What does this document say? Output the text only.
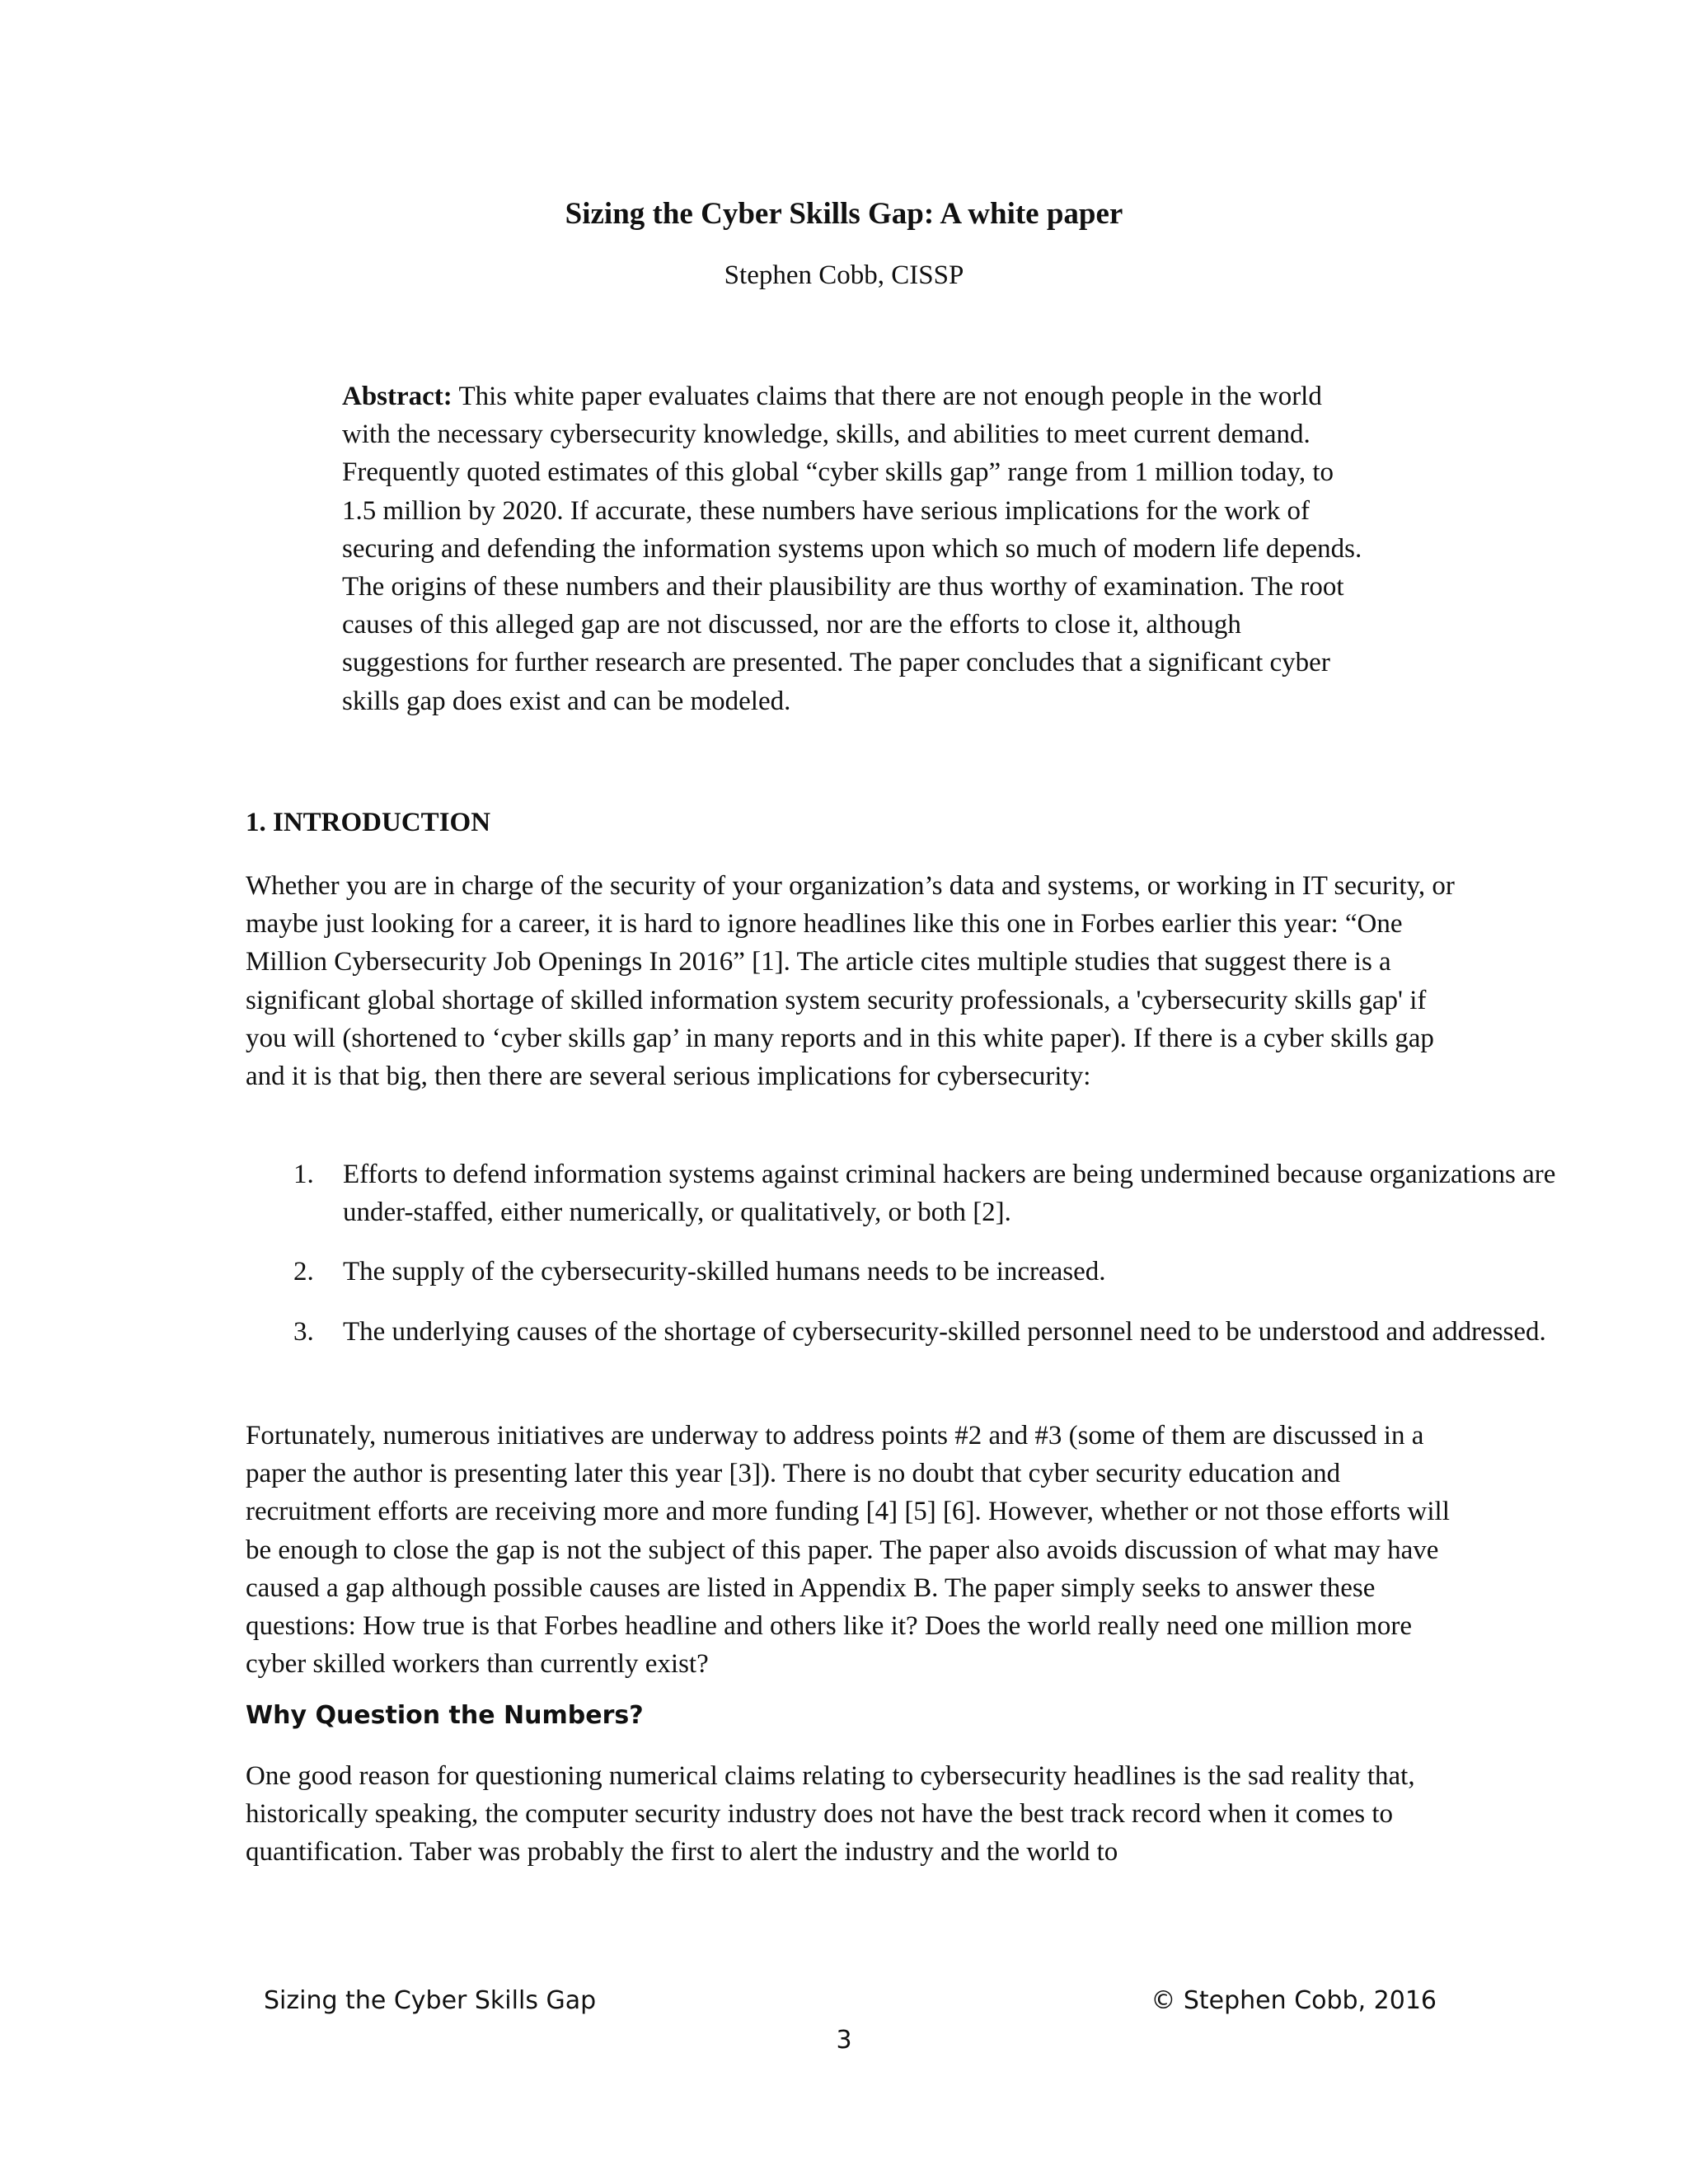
Sizing the Cyber Skills Gap: A white paper
Stephen Cobb, CISSP
Abstract: This white paper evaluates claims that there are not enough people in the world with the necessary cybersecurity knowledge, skills, and abilities to meet current demand. Frequently quoted estimates of this global “cyber skills gap” range from 1 million today, to 1.5 million by 2020. If accurate, these numbers have serious implications for the work of securing and defending the information systems upon which so much of modern life depends. The origins of these numbers and their plausibility are thus worthy of examination. The root causes of this alleged gap are not discussed, nor are the efforts to close it, although suggestions for further research are presented. The paper concludes that a significant cyber skills gap does exist and can be modeled.
1. INTRODUCTION
Whether you are in charge of the security of your organization’s data and systems, or working in IT security, or maybe just looking for a career, it is hard to ignore headlines like this one in Forbes earlier this year: “One Million Cybersecurity Job Openings In 2016” [1]. The article cites multiple studies that suggest there is a significant global shortage of skilled information system security professionals, a 'cybersecurity skills gap' if you will (shortened to ‘cyber skills gap’ in many reports and in this white paper). If there is a cyber skills gap and it is that big, then there are several serious implications for cybersecurity:
1. Efforts to defend information systems against criminal hackers are being undermined because organizations are under-staffed, either numerically, or qualitatively, or both [2].
2. The supply of the cybersecurity-skilled humans needs to be increased.
3. The underlying causes of the shortage of cybersecurity-skilled personnel need to be understood and addressed.
Fortunately, numerous initiatives are underway to address points #2 and #3 (some of them are discussed in a paper the author is presenting later this year [3]). There is no doubt that cyber security education and recruitment efforts are receiving more and more funding [4] [5] [6]. However, whether or not those efforts will be enough to close the gap is not the subject of this paper. The paper also avoids discussion of what may have caused a gap although possible causes are listed in Appendix B. The paper simply seeks to answer these questions: How true is that Forbes headline and others like it? Does the world really need one million more cyber skilled workers than currently exist?
Why Question the Numbers?
One good reason for questioning numerical claims relating to cybersecurity headlines is the sad reality that, historically speaking, the computer security industry does not have the best track record when it comes to quantification. Taber was probably the first to alert the industry and the world to
Sizing the Cyber Skills Gap	© Stephen Cobb, 2016
3
